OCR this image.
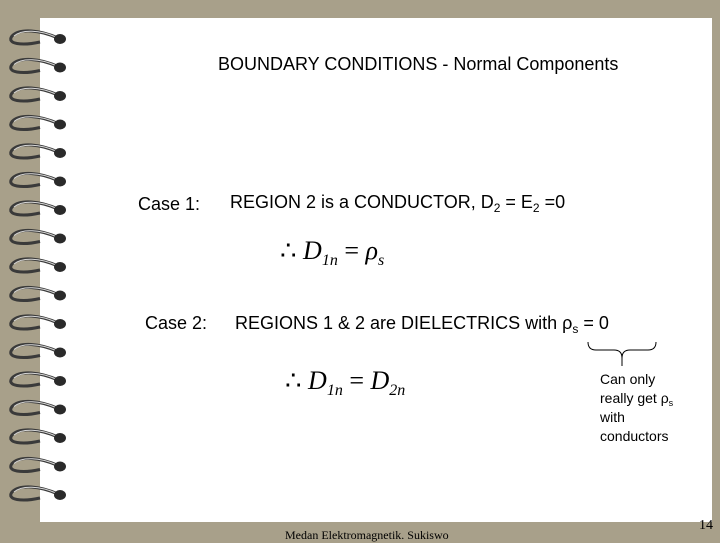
BOUNDARY CONDITIONS - Normal Components
Case 1: REGION 2 is a CONDUCTOR, $D_2 = E_2 =0$
∴ $D_{1n} = \rho_s$
Case 2: REGIONS 1 & 2 are DIELECTRICS with $\rho_s = 0$
∴ $D_{1n} = D_{2n}$
Can only
really get $\rho_s$
with
conductors
Medan Elektromagnetik. Sukiswo
14
